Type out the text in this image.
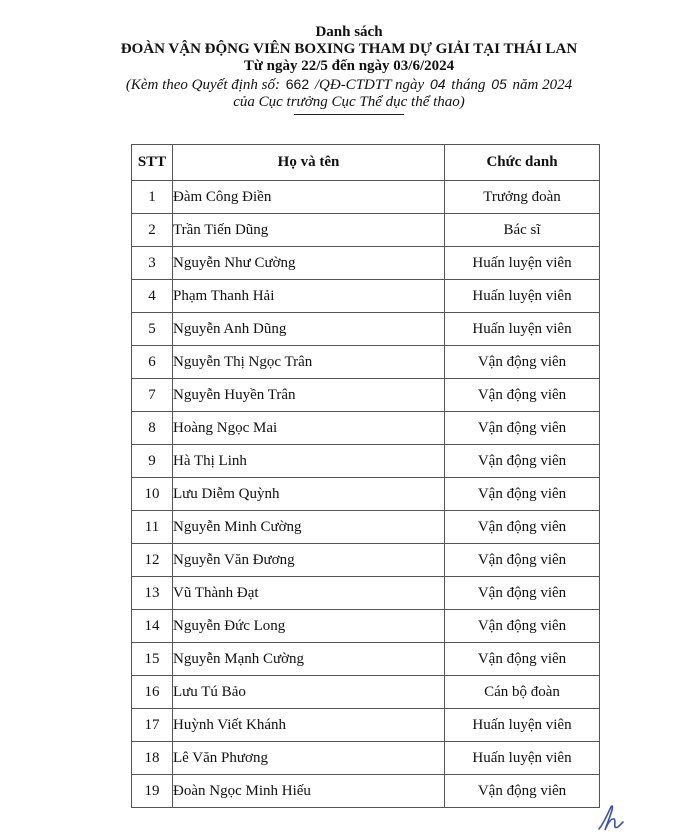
Danh sách
ĐOÀN VẬN ĐỘNG VIÊN BOXING THAM DỰ GIẢI TẠI THÁI LAN
Từ ngày 22/5 đến ngày 03/6/2024
(Kèm theo Quyết định số: 662 /QĐ-CTDTT ngày 04 tháng 05 năm 2024
của Cục trưởng Cục Thể dục thể thao)
STT	Họ và tên	Chức danh
1	Đàm Công Điền	Trưởng đoàn
2	Trần Tiến Dũng	Bác sĩ
3	Nguyễn Như Cường	Huấn luyện viên
4	Phạm Thanh Hải	Huấn luyện viên
5	Nguyễn Anh Dũng	Huấn luyện viên
6	Nguyễn Thị Ngọc Trân	Vận động viên
7	Nguyễn Huyền Trân	Vận động viên
8	Hoàng Ngọc Mai	Vận động viên
9	Hà Thị Linh	Vận động viên
10	Lưu Diễm Quỳnh	Vận động viên
11	Nguyễn Minh Cường	Vận động viên
12	Nguyễn Văn Đương	Vận động viên
13	Vũ Thành Đạt	Vận động viên
14	Nguyễn Đức Long	Vận động viên
15	Nguyễn Mạnh Cường	Vận động viên
16	Lưu Tú Bảo	Cán bộ đoàn
17	Huỳnh Viết Khánh	Huấn luyện viên
18	Lê Văn Phương	Huấn luyện viên
19	Đoàn Ngọc Minh Hiếu	Vận động viên
